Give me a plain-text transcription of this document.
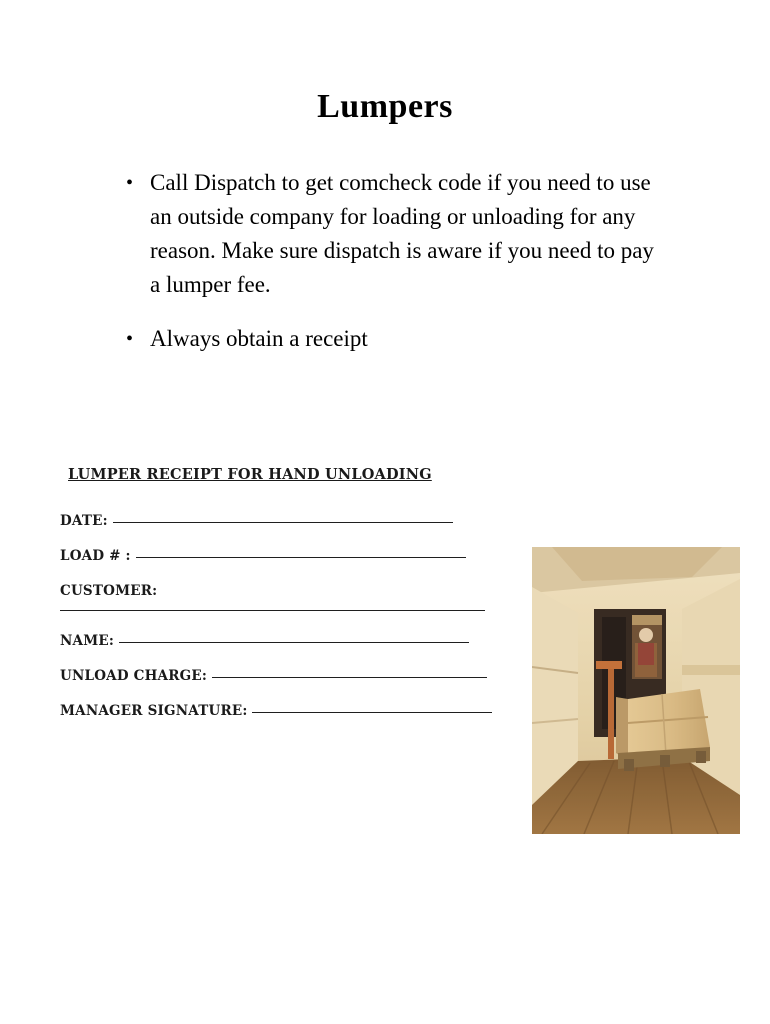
Lumpers
• Call Dispatch to get comcheck code if you need to use an outside company for loading or unloading for any reason. Make sure dispatch is aware if you need to pay a lumper fee.
• Always obtain a receipt
LUMPER RECEIPT FOR HAND UNLOADING
DATE:
LOAD # :
CUSTOMER:
NAME:
UNLOAD CHARGE:
MANAGER SIGNATURE:
